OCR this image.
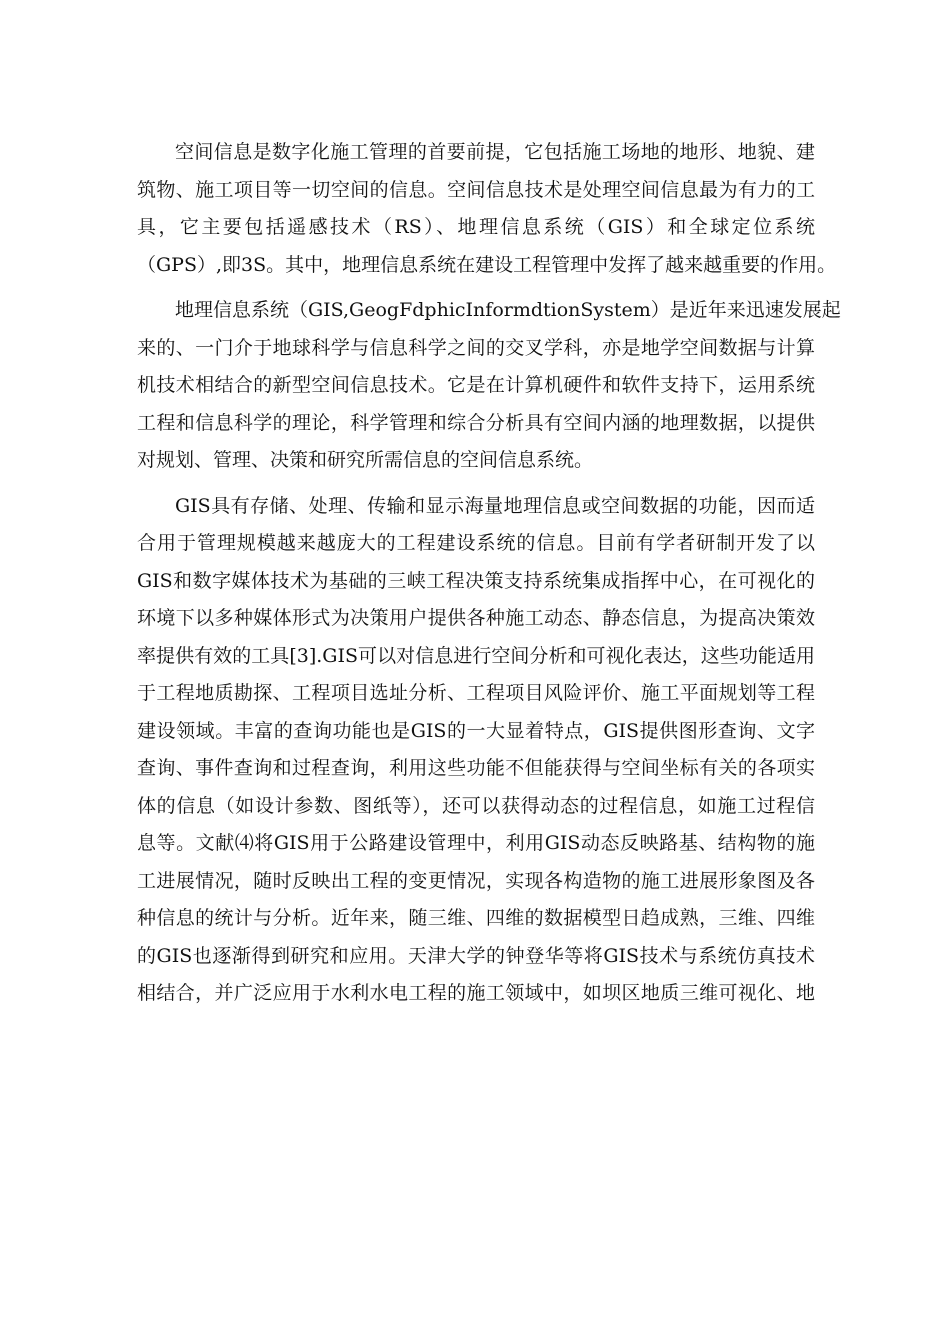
空间信息是数字化施工管理的首要前提，它包括施工场地的地形、地貌、建
筑物、施工项目等一切空间的信息。空间信息技术是处理空间信息最为有力的工
具，它主要包括遥感技术（RS）、地理信息系统（GIS）和全球定位系统
（GPS）,即3S。其中，地理信息系统在建设工程管理中发挥了越来越重要的作用。
地理信息系统（GIS,GeogFdphicInformdtionSystem）是近年来迅速发展起
来的、一门介于地球科学与信息科学之间的交叉学科，亦是地学空间数据与计算
机技术相结合的新型空间信息技术。它是在计算机硬件和软件支持下，运用系统
工程和信息科学的理论，科学管理和综合分析具有空间内涵的地理数据，以提供
对规划、管理、决策和研究所需信息的空间信息系统。
GIS具有存储、处理、传输和显示海量地理信息或空间数据的功能，因而适
合用于管理规模越来越庞大的工程建设系统的信息。目前有学者研制开发了以
GIS和数字媒体技术为基础的三峡工程决策支持系统集成指挥中心，在可视化的
环境下以多种媒体形式为决策用户提供各种施工动态、静态信息，为提高决策效
率提供有效的工具[3].GIS可以对信息进行空间分析和可视化表达，这些功能适用
于工程地质勘探、工程项目选址分析、工程项目风险评价、施工平面规划等工程
建设领域。丰富的查询功能也是GIS的一大显着特点，GIS提供图形查询、文字
查询、事件查询和过程查询，利用这些功能不但能获得与空间坐标有关的各项实
体的信息（如设计参数、图纸等），还可以获得动态的过程信息，如施工过程信
息等。文献⑷将GIS用于公路建设管理中，利用GIS动态反映路基、结构物的施
工进展情况，随时反映出工程的变更情况，实现各构造物的施工进展形象图及各
种信息的统计与分析。近年来，随三维、四维的数据模型日趋成熟，三维、四维
的GIS也逐渐得到研究和应用。天津大学的钟登华等将GIS技术与系统仿真技术
相结合，并广泛应用于水利水电工程的施工领域中，如坝区地质三维可视化、地
